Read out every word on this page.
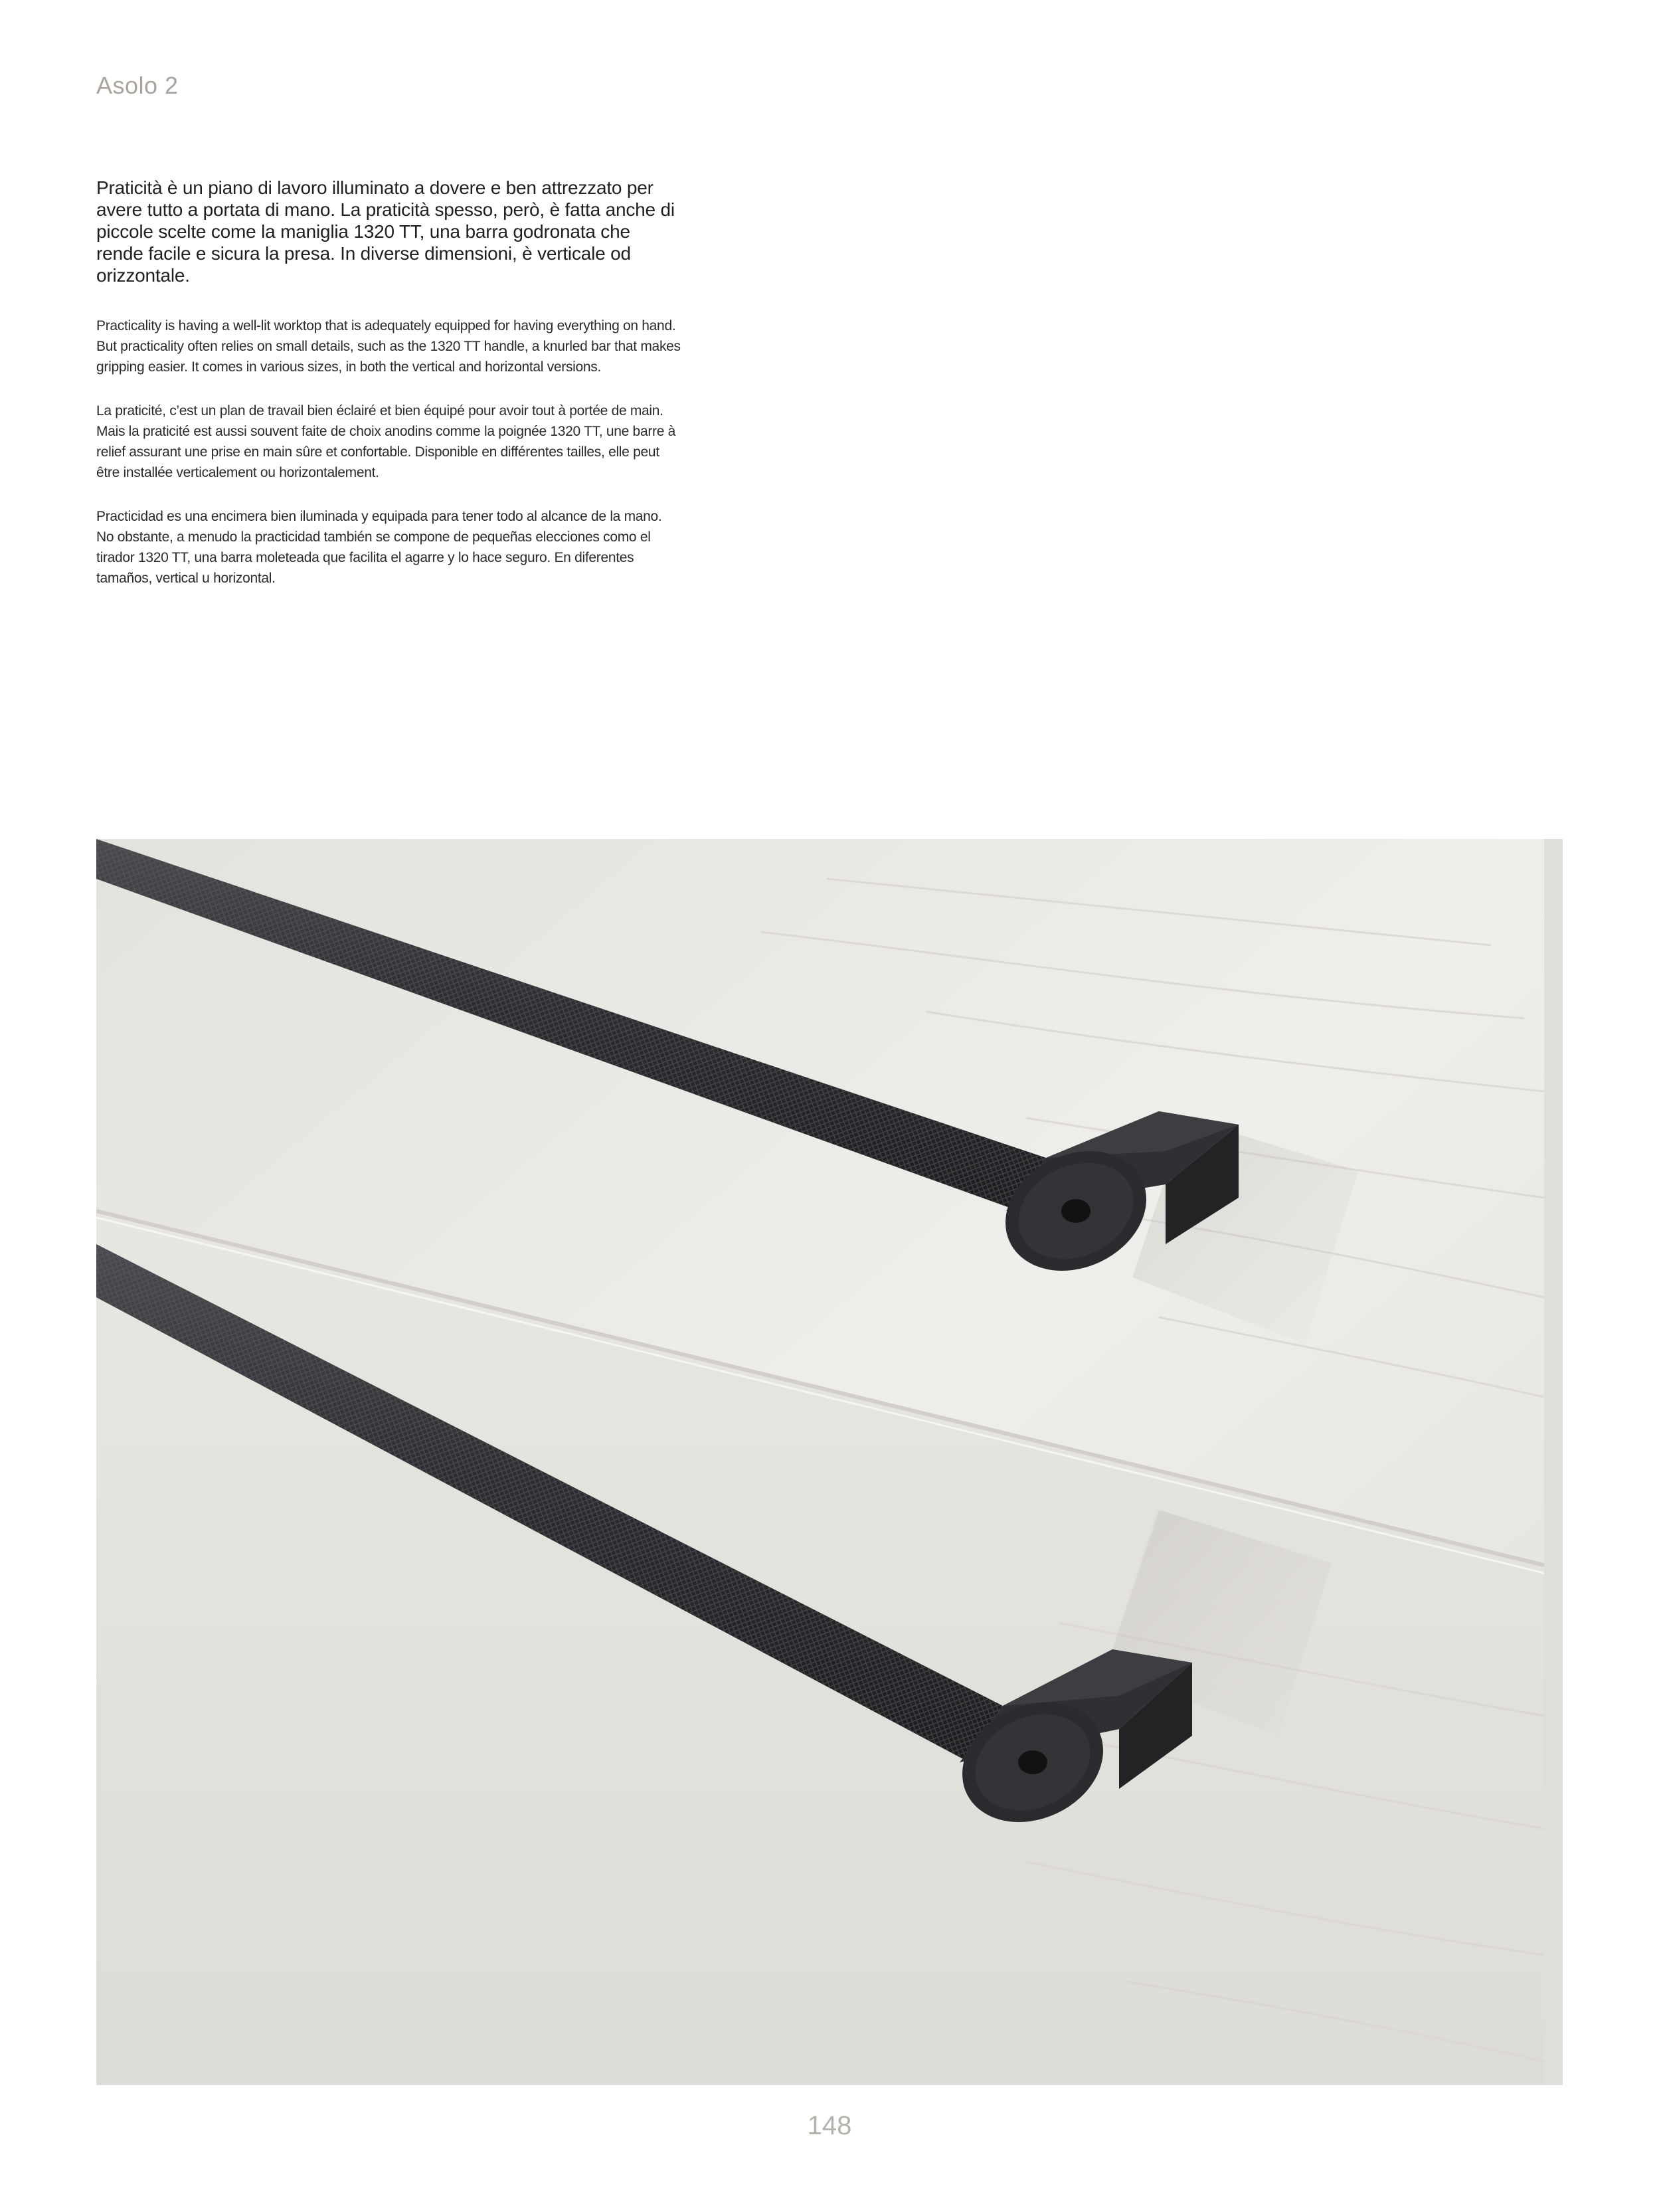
Asolo 2

Praticità è un piano di lavoro illuminato a dovere e ben attrezzato per avere tutto a portata di mano. La praticità spesso, però, è fatta anche di piccole scelte come la maniglia 1320 TT, una barra godronata che rende facile e sicura la presa. In diverse dimensioni, è verticale od orizzontale.

Practicality is having a well-lit worktop that is adequately equipped for having everything on hand. But practicality often relies on small details, such as the 1320 TT handle, a knurled bar that makes gripping easier. It comes in various sizes, in both the vertical and horizontal versions.

La praticité, c’est un plan de travail bien éclairé et bien équipé pour avoir tout à portée de main. Mais la praticité est aussi souvent faite de choix anodins comme la poignée 1320 TT, une barre à relief assurant une prise en main sûre et confortable. Disponible en différentes tailles, elle peut être installée verticalement ou horizontalement.

Practicidad es una encimera bien iluminada y equipada para tener todo al alcance de la mano. No obstante, a menudo la practicidad también se compone de pequeñas elecciones como el tirador 1320 TT, una barra moleteada que facilita el agarre y lo hace seguro. En diferentes tamaños, vertical u horizontal.

148
